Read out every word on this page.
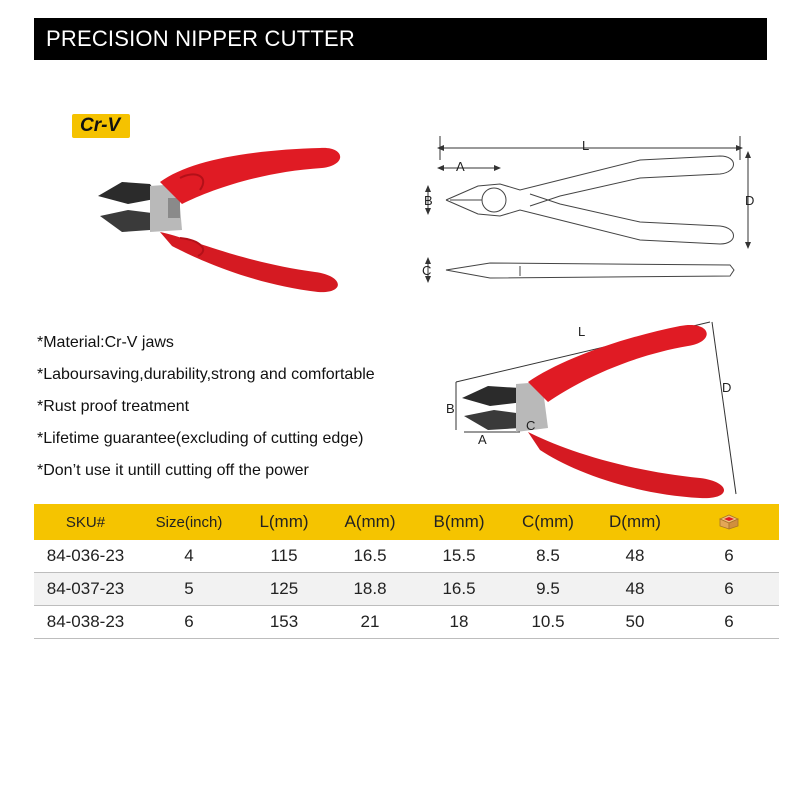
PRECISION NIPPER CUTTER
Cr-V
L
A
B	D
C
L
D
B
C
A
*Material:Cr-V jaws
*Laboursaving,durability,strong and comfortable
*Rust proof treatment
*Lifetime guarantee(excluding of cutting edge)
*Don’t use it untill cutting off the power
SKU#	Size(inch)	L(mm)	A(mm)	B(mm)	C(mm)	D(mm)	
84-036-23	4	115	16.5	15.5	8.5	48	6
84-037-23	5	125	18.8	16.5	9.5	48	6
84-038-23	6	153	21	18	10.5	50	6
